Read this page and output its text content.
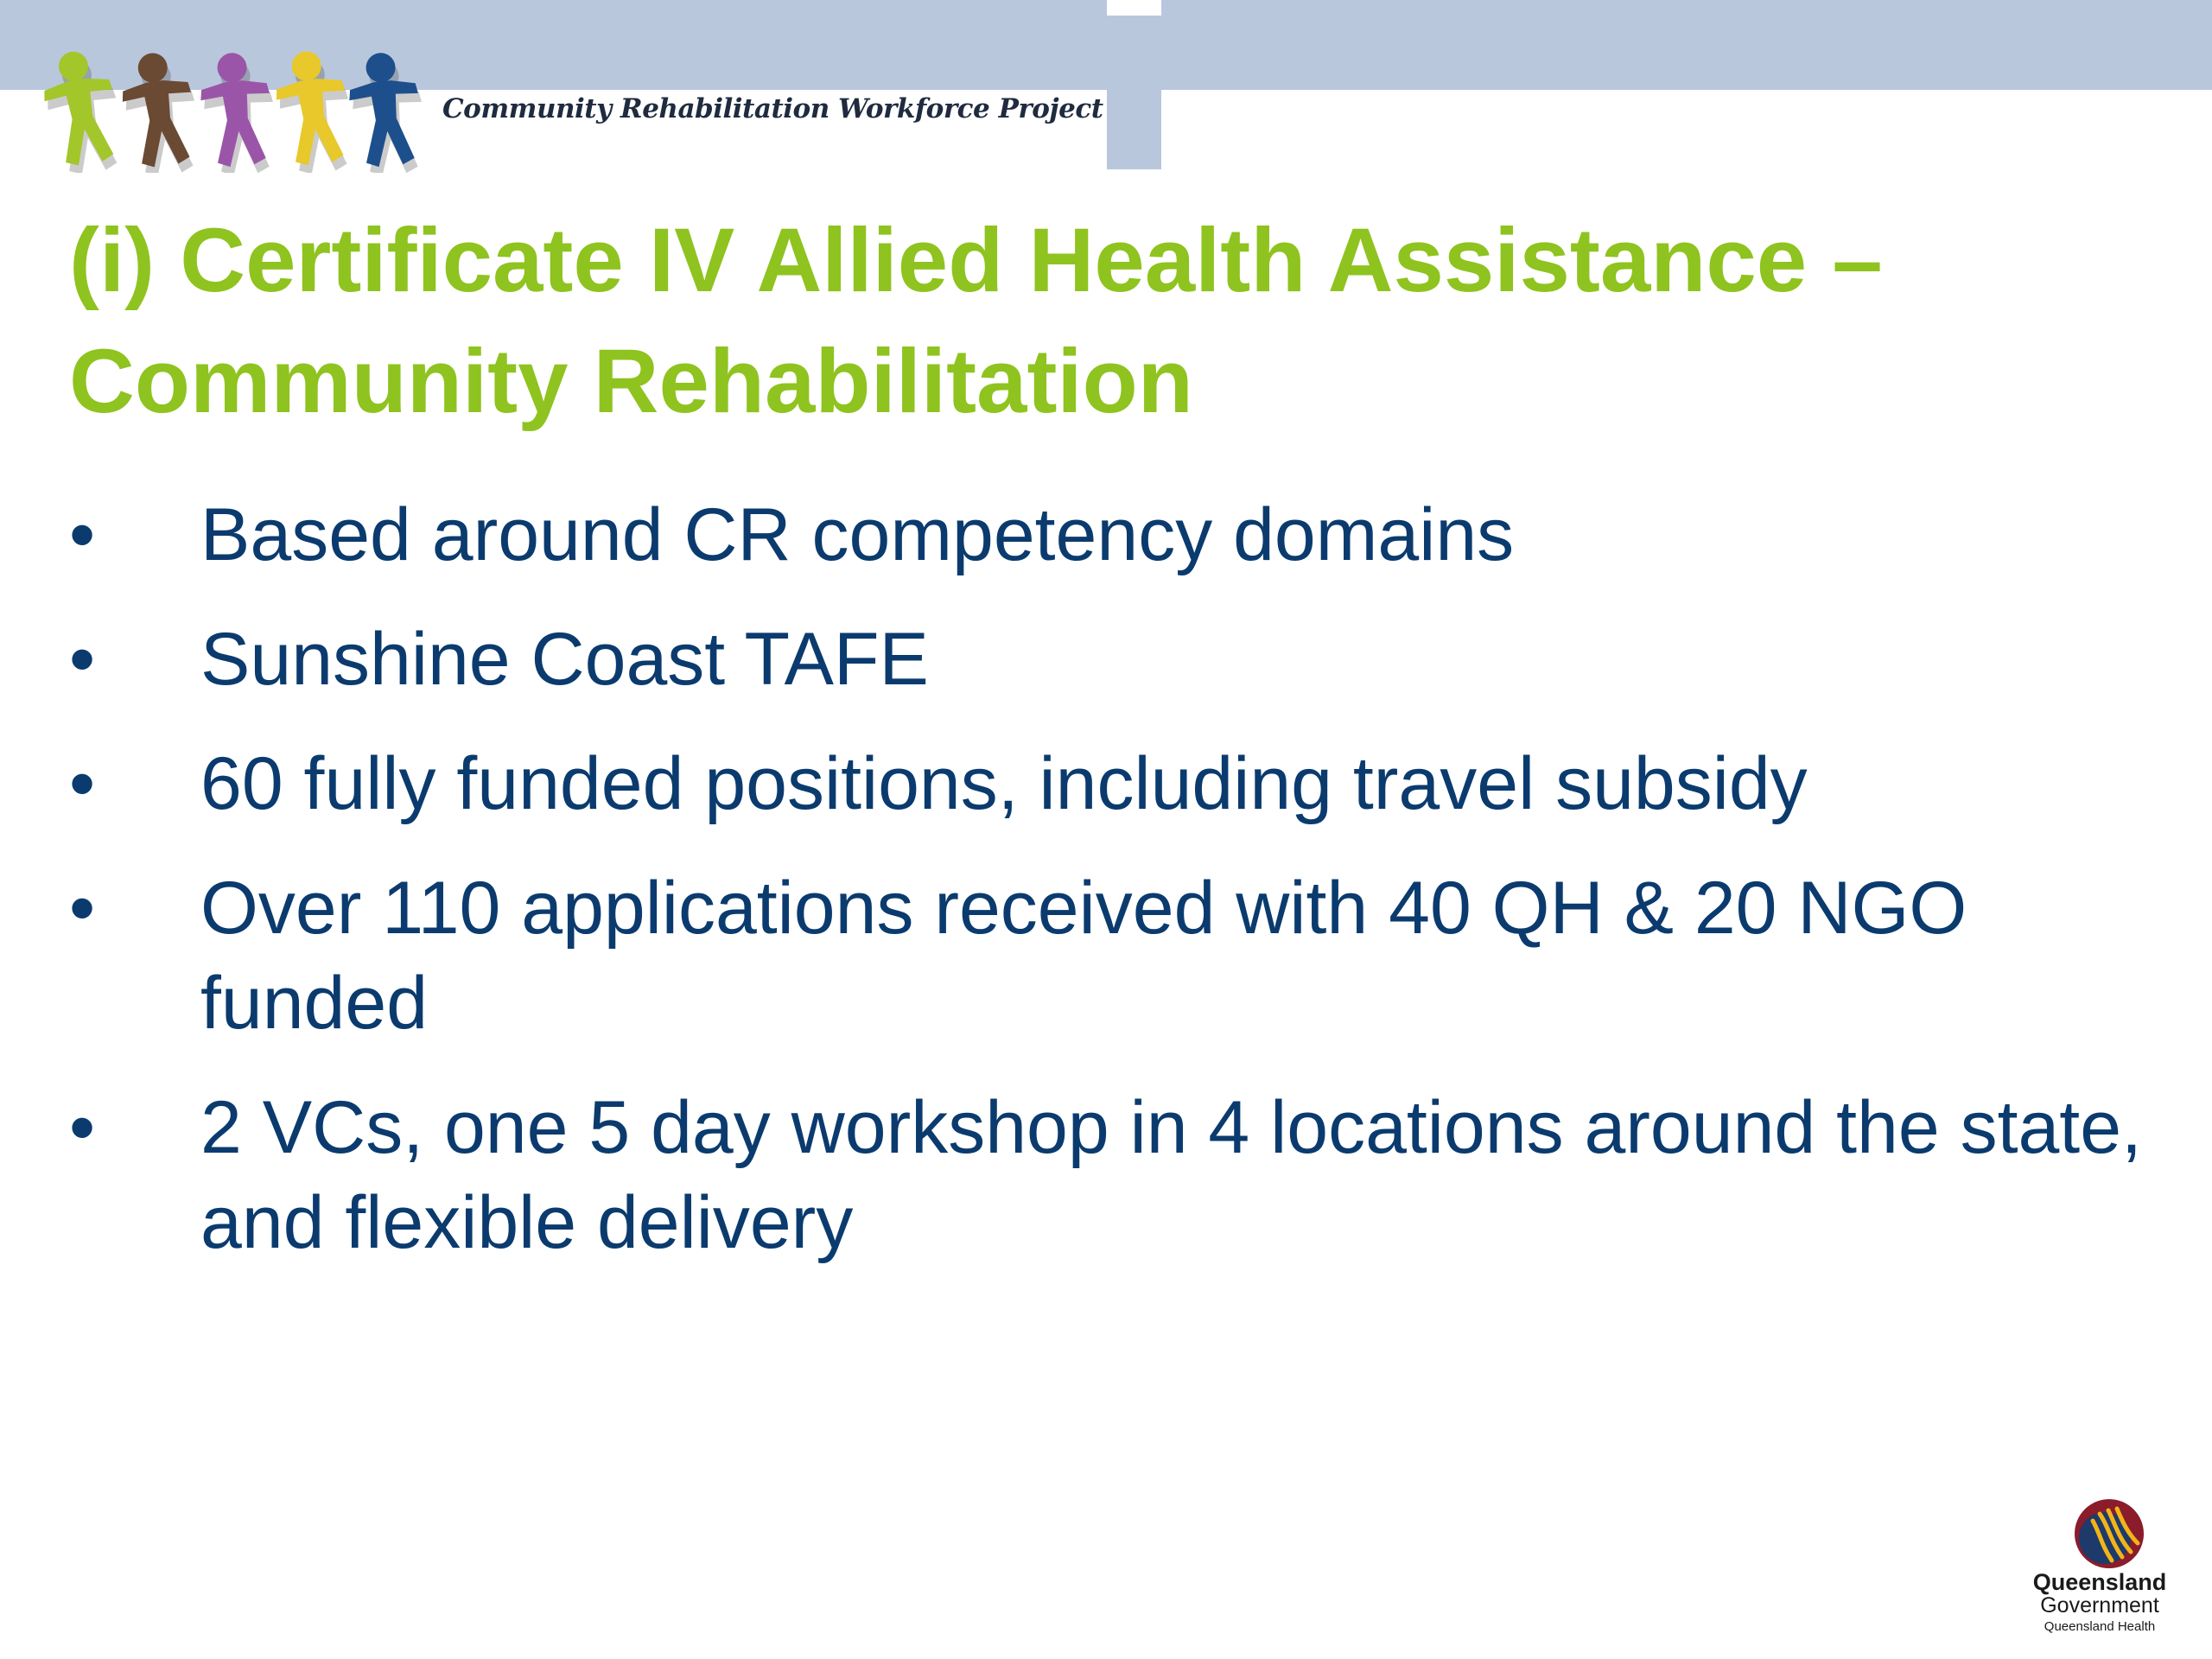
Community Rehabilitation Workforce Project
(i) Certificate IV Allied Health Assistance – Community Rehabilitation
•	Based around CR competency domains
•	Sunshine Coast TAFE
•	60 fully funded positions, including travel subsidy
•	Over 110 applications received with 40 QH & 20 NGO funded
•	2 VCs, one 5 day workshop in 4 locations around the state, and flexible delivery
Queensland
Government
Queensland Health
